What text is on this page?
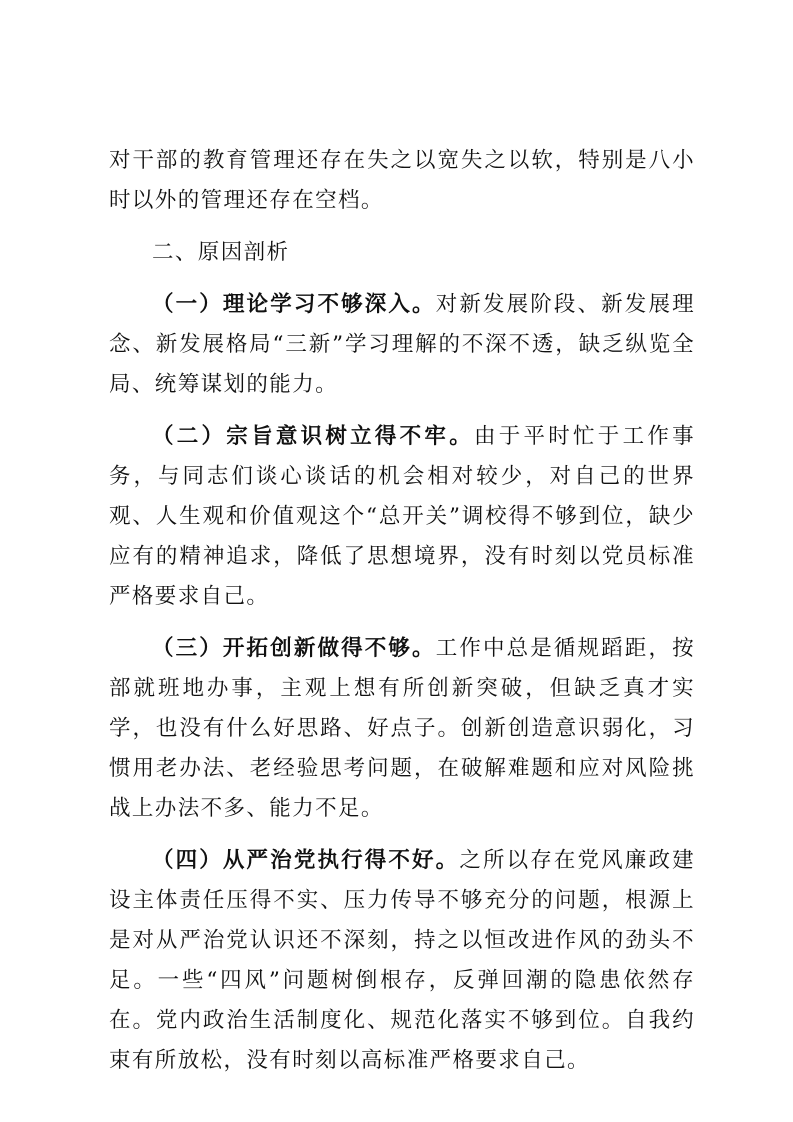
对干部的教育管理还存在失之以宽失之以软，特别是八小时以外的管理还存在空档。

二、原因剖析

（一）理论学习不够深入。对新发展阶段、新发展理念、新发展格局“三新”学习理解的不深不透，缺乏纵览全局、统筹谋划的能力。

（二）宗旨意识树立得不牢。由于平时忙于工作事务，与同志们谈心谈话的机会相对较少，对自己的世界观、人生观和价值观这个“总开关”调校得不够到位，缺少应有的精神追求，降低了思想境界，没有时刻以党员标准严格要求自己。

（三）开拓创新做得不够。工作中总是循规蹈距，按部就班地办事，主观上想有所创新突破，但缺乏真才实学，也没有什么好思路、好点子。创新创造意识弱化，习惯用老办法、老经验思考问题，在破解难题和应对风险挑战上办法不多、能力不足。

（四）从严治党执行得不好。之所以存在党风廉政建设主体责任压得不实、压力传导不够充分的问题，根源上是对从严治党认识还不深刻，持之以恒改进作风的劲头不足。一些“四风”问题树倒根存，反弹回潮的隐患依然存在。党内政治生活制度化、规范化落实不够到位。自我约束有所放松，没有时刻以高标准严格要求自己。
